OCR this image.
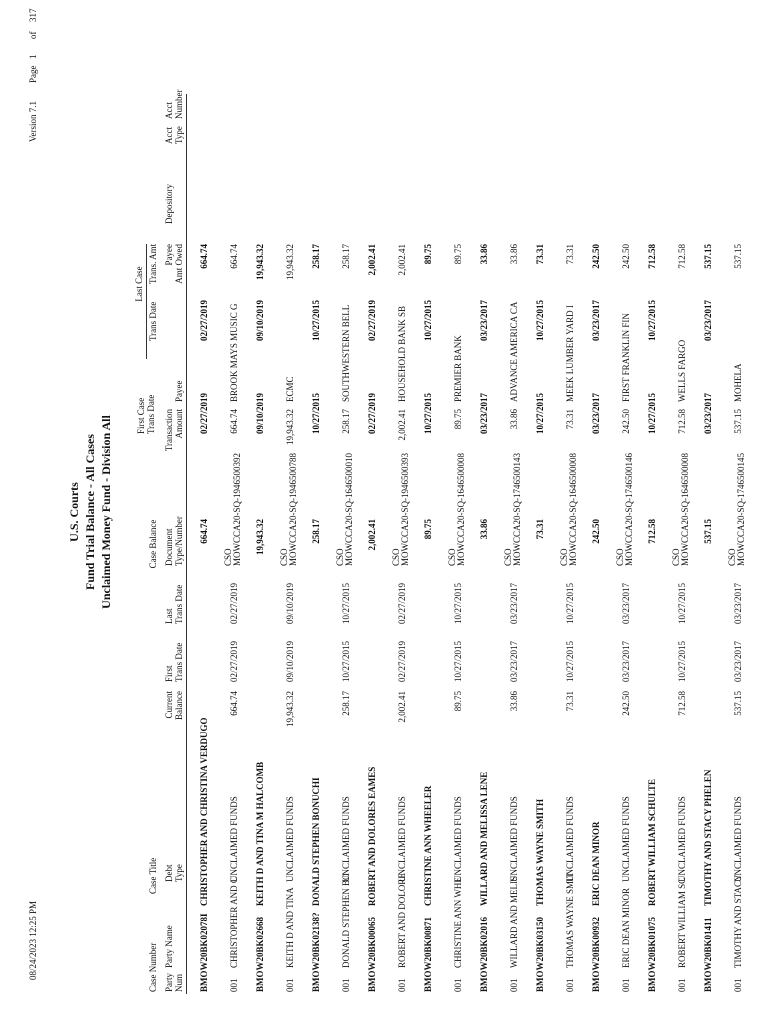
08/24/2023 12:25 PM
Version 7.1
Page
1
of
317
U.S. Courts Fund Trial Balance - All Cases Unclaimed Money Fund - Division All
Case Number
Case Title
Case Balance
First Case Trans Date
Last Case
Trans Date
Trans. Amt
Party Num
Party Name
Debt Type
Current Balance
First Trans Date
Last Trans Date
Document Type/Number
Transaction Amount
Payee
Payee Amt Owed
Depository
Acct Type
Acct Number
BMOW20BK02078I
CHRISTOPHER AND CHRISTINA VERDUGO
664.74
02/27/2019
02/27/2019
664.74
001
CHRISTOPHER AND C
UNCLAIMED FUNDS
664.74
02/27/2019
02/27/2019
CSO MOWCCA20-SQ-1946500392
664.74
BROOK MAYS MUSIC G
664.74
BMOW20BK02668
KEITH D AND TINA M HALCOMB
19,943.32
09/10/2019
09/10/2019
19,943.32
001
KEITH D AND TINA
UNCLAIMED FUNDS
19,943.32
09/10/2019
09/10/2019
CSO MOWCCA20-SQ-1946500788
19,943.32
ECMC
19,943.32
BMOW20BK02138?
DONALD STEPHEN BONUCHI
258.17
10/27/2015
10/27/2015
258.17
001
DONALD STEPHEN BO
UNCLAIMED FUNDS
258.17
10/27/2015
10/27/2015
CSO MOWCCA20-SQ-1646500010
258.17
SOUTHWESTERN BELL
258.17
BMOW20BK00065
ROBERT AND DOLORES EAMES
2,002.41
02/27/2019
02/27/2019
2,002.41
001
ROBERT AND DOLORE
UNCLAIMED FUNDS
2,002.41
02/27/2019
02/27/2019
CSO MOWCCA20-SQ-1946500393
2,002.41
HOUSEHOLD BANK SB
2,002.41
BMOW20BK00871
CHRISTINE ANN WHEELER
89.75
10/27/2015
10/27/2015
89.75
001
CHRISTINE ANN WHE
UNCLAIMED FUNDS
89.75
10/27/2015
10/27/2015
CSO MOWCCA20-SQ-1646500008
89.75
PREMIER BANK
89.75
BMOW20BK02016
WILLARD AND MELISSA LENE
33.86
03/23/2017
03/23/2017
33.86
001
WILLARD AND MELIS
UNCLAIMED FUNDS
33.86
03/23/2017
03/23/2017
CSO MOWCCA20-SQ-1746500143
33.86
ADVANCE AMERICA CA
33.86
BMOW20BK03150
THOMAS WAYNE SMITH
73.31
10/27/2015
10/27/2015
73.31
001
THOMAS WAYNE SMIT
UNCLAIMED FUNDS
73.31
10/27/2015
10/27/2015
CSO MOWCCA20-SQ-1646500008
73.31
MEEK LUMBER YARD I
73.31
BMOW20BK00932
ERIC DEAN MINOR
242.50
03/23/2017
03/23/2017
242.50
001
ERIC DEAN MINOR
UNCLAIMED FUNDS
242.50
03/23/2017
03/23/2017
CSO MOWCCA20-SQ-1746500146
242.50
FIRST FRANKLIN FIN
242.50
BMOW20BK01075
ROBERT WILLIAM SCHULTE
712.58
10/27/2015
10/27/2015
712.58
001
ROBERT WILLIAM SC
UNCLAIMED FUNDS
712.58
10/27/2015
10/27/2015
CSO MOWCCA20-SQ-1646500008
712.58
WELLS FARGO
712.58
BMOW20BK01411
TIMOTHY AND STACY PHELEN
537.15
03/23/2017
03/23/2017
537.15
001
TIMOTHY AND STACY
UNCLAIMED FUNDS
537.15
03/23/2017
03/23/2017
CSO MOWCCA20-SQ-1746500145
537.15
MOHELA
537.15
